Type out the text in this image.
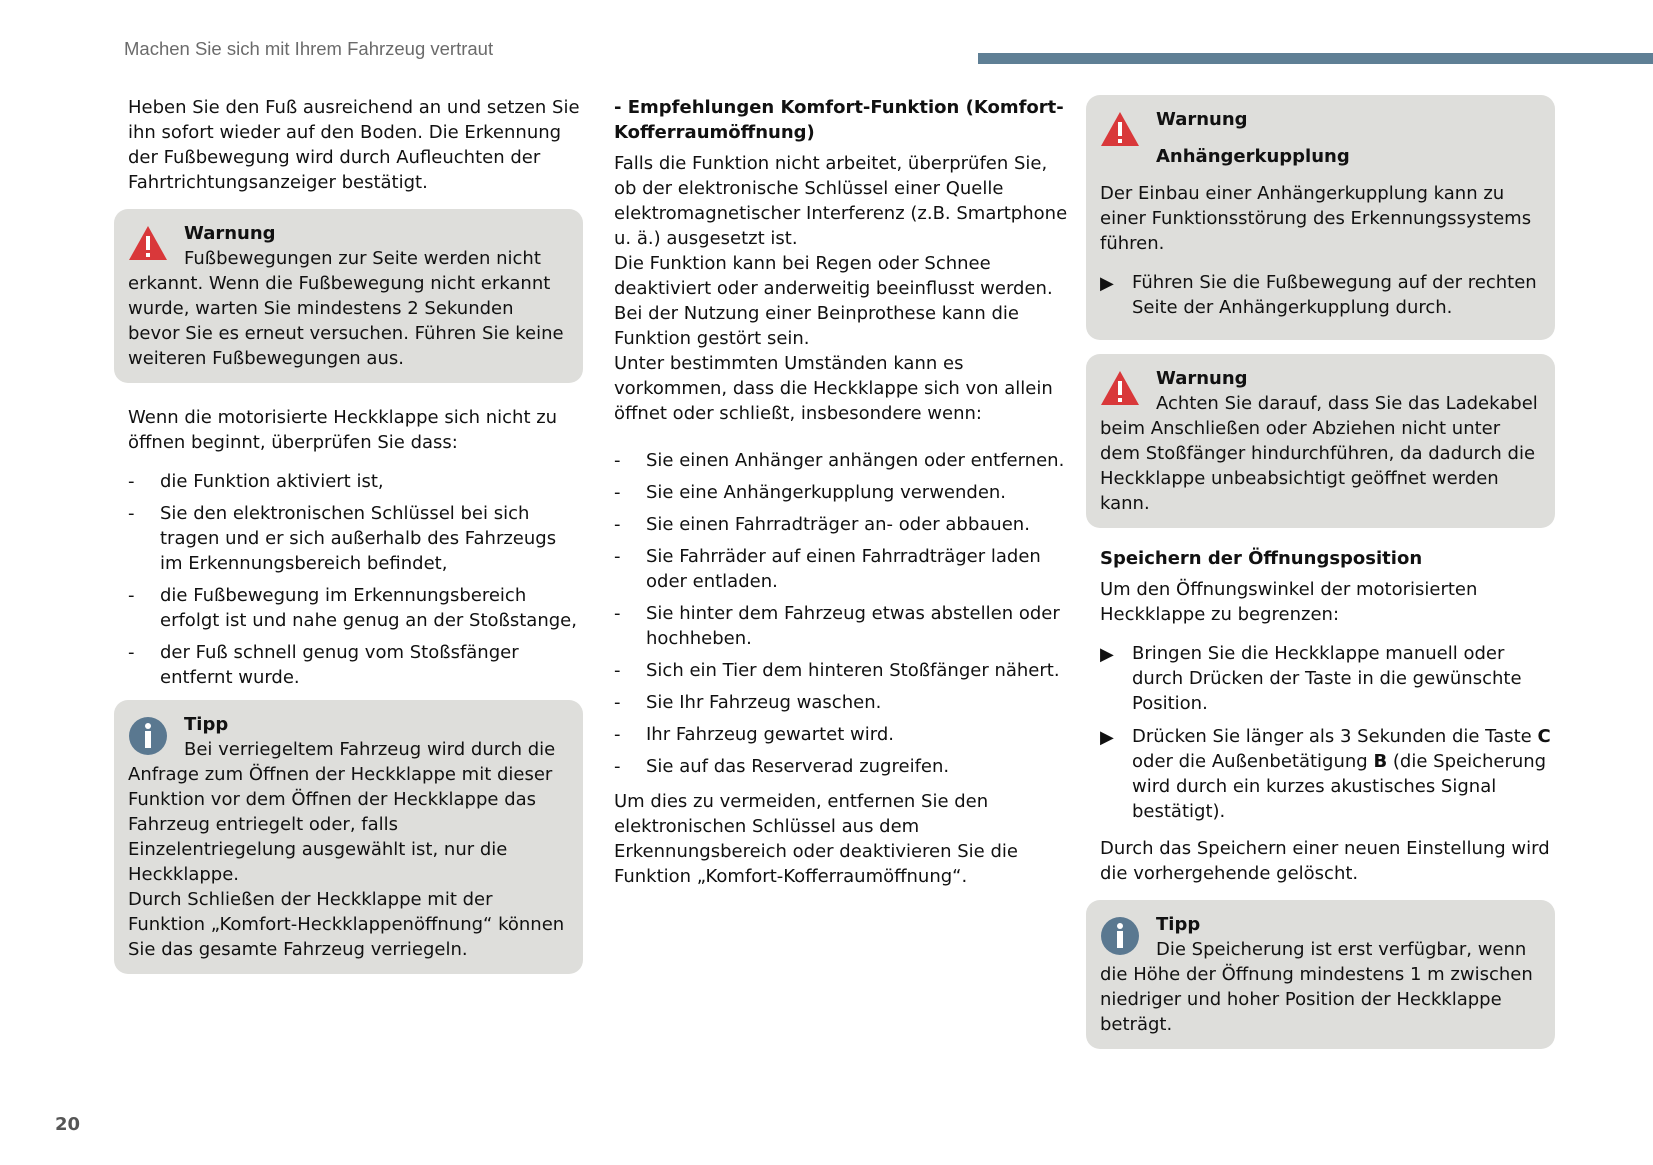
Machen Sie sich mit Ihrem Fahrzeug vertraut

Heben Sie den Fuß ausreichend an und setzen Sie ihn sofort wieder auf den Boden. Die Erkennung der Fußbewegung wird durch Aufleuchten der Fahrtrichtungsanzeiger bestätigt.

Warnung
Fußbewegungen zur Seite werden nicht erkannt. Wenn die Fußbewegung nicht erkannt wurde, warten Sie mindestens 2 Sekunden bevor Sie es erneut versuchen. Führen Sie keine weiteren Fußbewegungen aus.

Wenn die motorisierte Heckklappe sich nicht zu öffnen beginnt, überprüfen Sie dass:

- die Funktion aktiviert ist,
- Sie den elektronischen Schlüssel bei sich tragen und er sich außerhalb des Fahrzeugs im Erkennungsbereich befindet,
- die Fußbewegung im Erkennungsbereich erfolgt ist und nahe genug an der Stoßstange,
- der Fuß schnell genug vom Stoßsfänger entfernt wurde.
Tipp
Bei verriegeltem Fahrzeug wird durch die Anfrage zum Öffnen der Heckklappe mit dieser Funktion vor dem Öffnen der Heckklappe das Fahrzeug entriegelt oder, falls Einzelentriegelung ausgewählt ist, nur die Heckklappe.
Durch Schließen der Heckklappe mit der Funktion „Komfort-Heckklappenöffnung“ können Sie das gesamte Fahrzeug verriegeln.
- Empfehlungen Komfort-Funktion (Komfort-Kofferraumöffnung)
Falls die Funktion nicht arbeitet, überprüfen Sie, ob der elektronische Schlüssel einer Quelle elektromagnetischer Interferenz (z.B. Smartphone u. ä.) ausgesetzt ist.
Die Funktion kann bei Regen oder Schnee deaktiviert oder anderweitig beeinflusst werden.
Bei der Nutzung einer Beinprothese kann die Funktion gestört sein.

Unter bestimmten Umständen kann es vorkommen, dass die Heckklappe sich von allein öffnet oder schließt, insbesondere wenn:

- Sie einen Anhänger anhängen oder entfernen.
- Sie eine Anhängerkupplung verwenden.
- Sie einen Fahrradträger an- oder abbauen.
- Sie Fahrräder auf einen Fahrradträger laden oder entladen.
- Sie hinter dem Fahrzeug etwas abstellen oder hochheben.
- Sich ein Tier dem hinteren Stoßfänger nähert.
- Sie Ihr Fahrzeug waschen.
- Ihr Fahrzeug gewartet wird.
- Sie auf das Reserverad zugreifen.

Um dies zu vermeiden, entfernen Sie den elektronischen Schlüssel aus dem Erkennungsbereich oder deaktivieren Sie die Funktion „Komfort-Kofferraumöffnung“.

Warnung
Anhängerkupplung

Der Einbau einer Anhängerkupplung kann zu einer Funktionsstörung des Erkennungssystems führen.

▶ Führen Sie die Fußbewegung auf der rechten Seite der Anhängerkupplung durch.
Warnung
Achten Sie darauf, dass Sie das Ladekabel beim Anschließen oder Abziehen nicht unter dem Stoßfänger hindurchführen, da dadurch die Heckklappe unbeabsichtigt geöffnet werden kann.
Speichern der Öffnungsposition

Um den Öffnungswinkel der motorisierten Heckklappe zu begrenzen:

▶ Bringen Sie die Heckklappe manuell oder durch Drücken der Taste in die gewünschte Position.
▶ Drücken Sie länger als 3 Sekunden die Taste C oder die Außenbetätigung B (die Speicherung wird durch ein kurzes akustisches Signal bestätigt).

Durch das Speichern einer neuen Einstellung wird die vorhergehende gelöscht.

Tipp
Die Speicherung ist erst verfügbar, wenn die Höhe der Öffnung mindestens 1 m zwischen niedriger und hoher Position der Heckklappe beträgt.
20
